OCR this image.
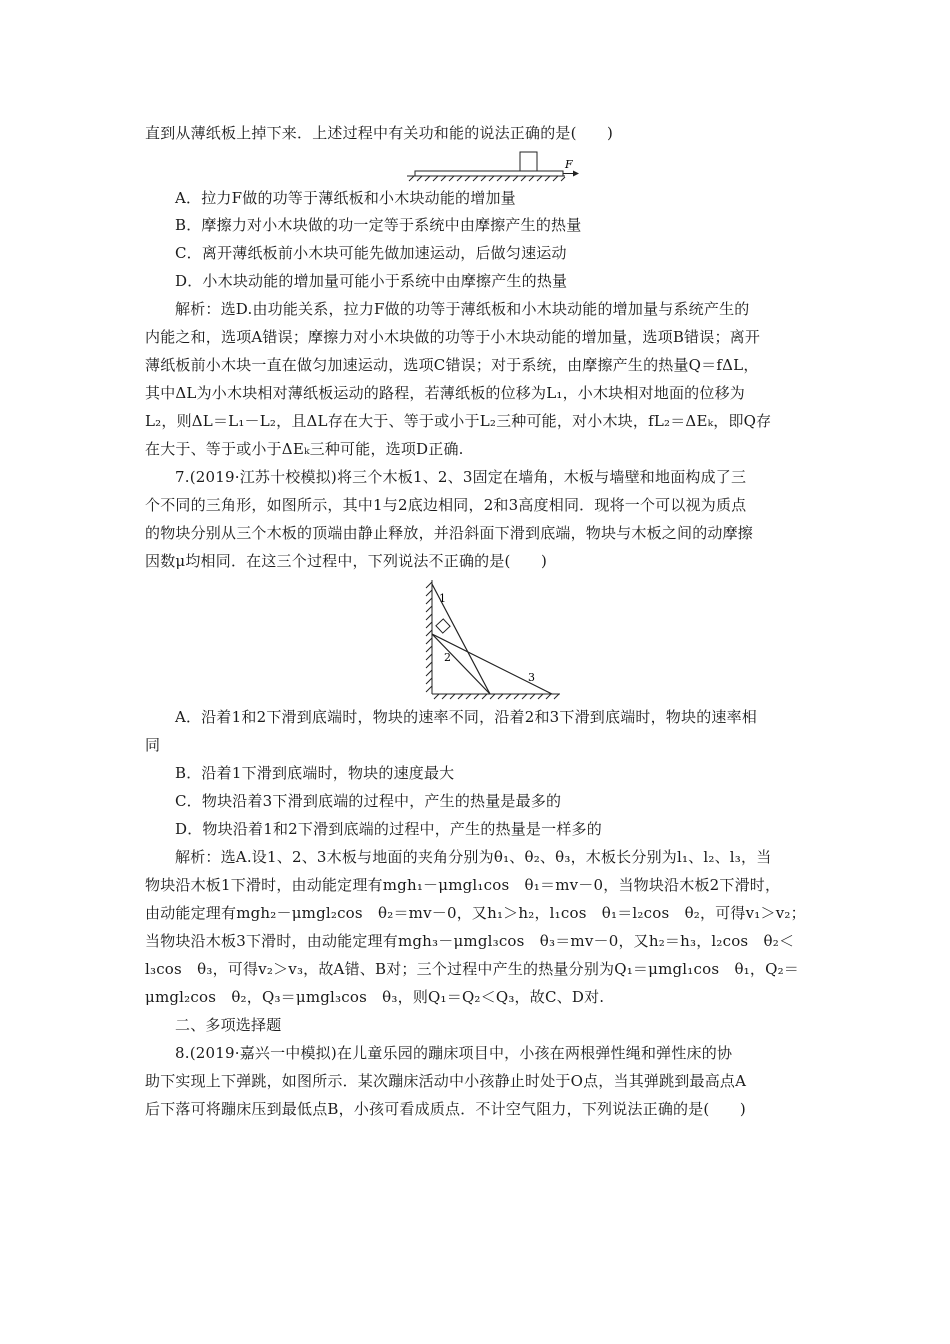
直到从薄纸板上掉下来．上述过程中有关功和能的说法正确的是(　　)
F
A．拉力F做的功等于薄纸板和小木块动能的增加量
B．摩擦力对小木块做的功一定等于系统中由摩擦产生的热量
C．离开薄纸板前小木块可能先做加速运动，后做匀速运动
D．小木块动能的增加量可能小于系统中由摩擦产生的热量
解析：选D.由功能关系，拉力F做的功等于薄纸板和小木块动能的增加量与系统产生的
内能之和，选项A错误；摩擦力对小木块做的功等于小木块动能的增加量，选项B错误；离开
薄纸板前小木块一直在做匀加速运动，选项C错误；对于系统，由摩擦产生的热量Q＝fΔL，
其中ΔL为小木块相对薄纸板运动的路程，若薄纸板的位移为L₁，小木块相对地面的位移为
L₂，则ΔL＝L₁－L₂，且ΔL存在大于、等于或小于L₂三种可能，对小木块，fL₂＝ΔEₖ，即Q存
在大于、等于或小于ΔEₖ三种可能，选项D正确.
7.(2019·江苏十校模拟)将三个木板1、2、3固定在墙角，木板与墙壁和地面构成了三
个不同的三角形，如图所示，其中1与2底边相同，2和3高度相同．现将一个可以视为质点
的物块分别从三个木板的顶端由静止释放，并沿斜面下滑到底端，物块与木板之间的动摩擦
因数μ均相同．在这三个过程中，下列说法不正确的是(　　)
1
2
3
A．沿着1和2下滑到底端时，物块的速率不同，沿着2和3下滑到底端时，物块的速率相
同
B．沿着1下滑到底端时，物块的速度最大
C．物块沿着3下滑到底端的过程中，产生的热量是最多的
D．物块沿着1和2下滑到底端的过程中，产生的热量是一样多的
解析：选A.设1、2、3木板与地面的夹角分别为θ₁、θ₂、θ₃，木板长分别为l₁、l₂、l₃，当
物块沿木板1下滑时，由动能定理有mgh₁－μmgl₁cos　θ₁＝mv－0，当物块沿木板2下滑时，
由动能定理有mgh₂－μmgl₂cos　θ₂＝mv－0，又h₁＞h₂，l₁cos　θ₁＝l₂cos　θ₂，可得v₁＞v₂；
当物块沿木板3下滑时，由动能定理有mgh₃－μmgl₃cos　θ₃＝mv－0，又h₂＝h₃，l₂cos　θ₂＜
l₃cos　θ₃，可得v₂＞v₃，故A错、B对；三个过程中产生的热量分别为Q₁＝μmgl₁cos　θ₁，Q₂＝
μmgl₂cos　θ₂，Q₃＝μmgl₃cos　θ₃，则Q₁＝Q₂＜Q₃，故C、D对.
二、多项选择题
8.(2019·嘉兴一中模拟)在儿童乐园的蹦床项目中，小孩在两根弹性绳和弹性床的协
助下实现上下弹跳，如图所示．某次蹦床活动中小孩静止时处于O点，当其弹跳到最高点A
后下落可将蹦床压到最低点B，小孩可看成质点．不计空气阻力，下列说法正确的是(　　)
